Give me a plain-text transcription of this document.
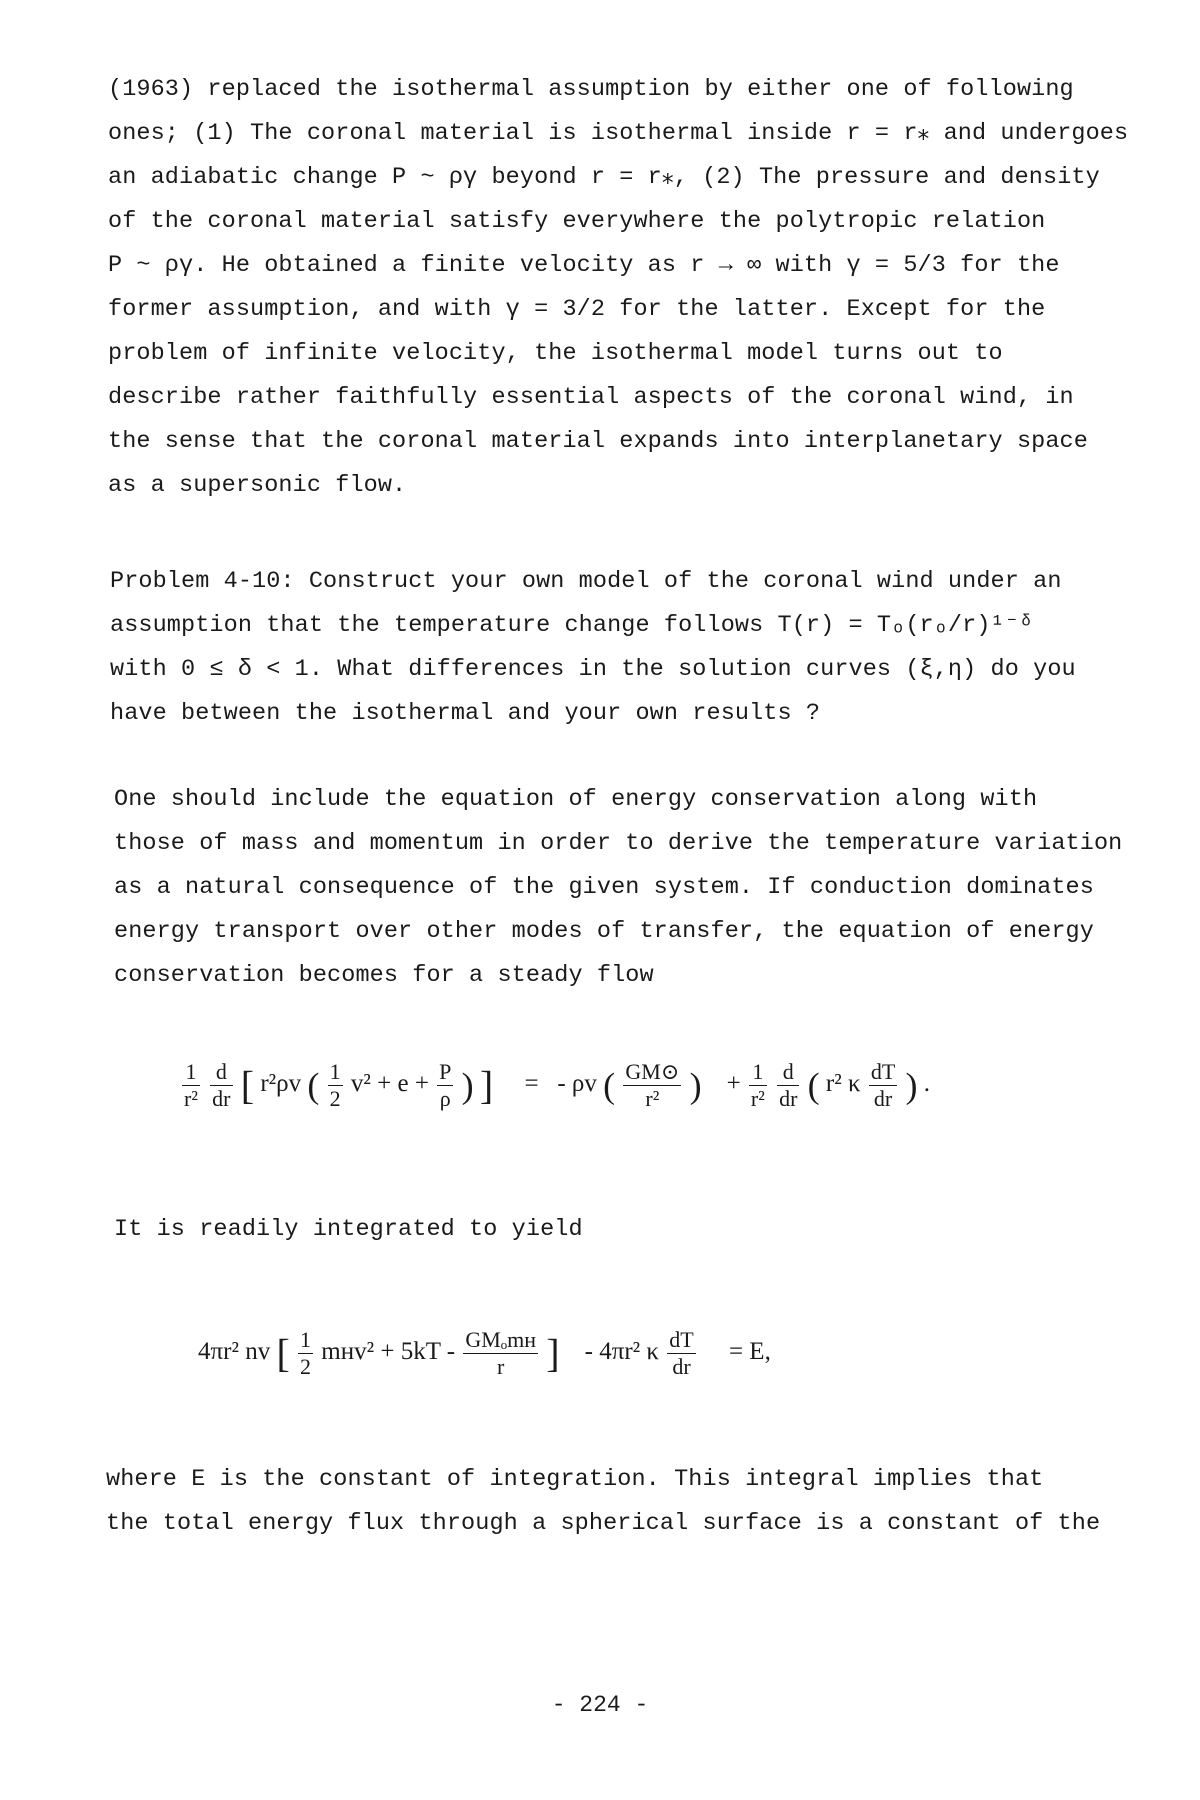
(1963) replaced the isothermal assumption by either one of following
ones; (1) The coronal material is isothermal inside r = r⁎ and undergoes
an adiabatic change P ~ ργ beyond r = r⁎, (2) The pressure and density
of the coronal material satisfy everywhere the polytropic relation
P ~ ργ. He obtained a finite velocity as r → ∞ with γ = 5/3 for the
former assumption, and with γ = 3/2 for the latter. Except for the
problem of infinite velocity, the isothermal model turns out to
describe rather faithfully essential aspects of the coronal wind, in
the sense that the coronal material expands into interplanetary space
as a supersonic flow.
Problem 4-10: Construct your own model of the coronal wind under an
assumption that the temperature change follows T(r) = Tₒ(rₒ/r)¹⁻ᵟ
with 0 ≤ δ < 1. What differences in the solution curves (ξ,η) do you
have between the isothermal and your own results ?
One should include the equation of energy conservation along with
those of mass and momentum in order to derive the temperature variation
as a natural consequence of the given system. If conduction dominates
energy transport over other modes of transfer, the equation of energy
conservation becomes for a steady flow
$\frac{1}{\text{r²}}$
$\frac{d}{dr}$ [ r²ρv ( $\frac{1}{2} v^2 + e + \frac{P}{\rho}$ ) ] = - ρv ( $\frac{GM⊙}{\text{r²}}$ ) + $\frac{1}{\text{r²}}$
$\frac{d}{dr}$ ( r² κ $\frac{dT}{dr}$ ) .
It is readily integrated to yield
4πr² nv [ $\frac{1}{2}$ mʜv² + $5kT - \frac{\text{GMₒmʜ}}{r}$ ] - 4πr² κ $\frac{dT}{dr} = E$,
where E is the constant of integration. This integral implies that
the total energy flux through a spherical surface is a constant of the
- 224 -
